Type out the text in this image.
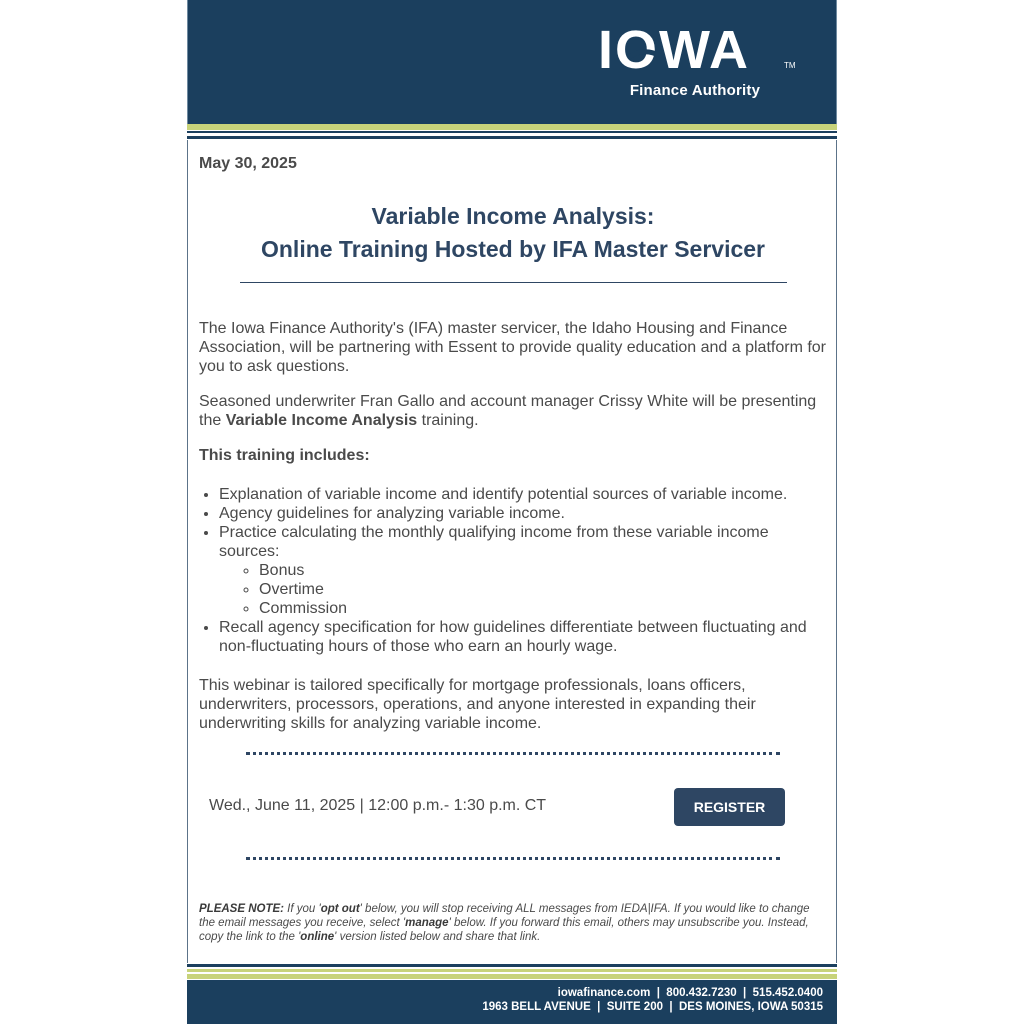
IOWA	TM
Finance Authority
May 30, 2025
Variable Income Analysis:
Online Training Hosted by IFA Master Servicer

The Iowa Finance Authority's (IFA) master servicer, the Idaho Housing and Finance Association, will be partnering with Essent to provide quality education and a platform for you to ask questions.

Seasoned underwriter Fran Gallo and account manager Crissy White will be presenting the Variable Income Analysis training.

This training includes:

• Explanation of variable income and identify potential sources of variable income.
• Agency guidelines for analyzing variable income.
• Practice calculating the monthly qualifying income from these variable income sources:
◦ Bonus
◦ Overtime
◦ Commission
• Recall agency specification for how guidelines differentiate between fluctuating and non-fluctuating hours of those who earn an hourly wage.

This webinar is tailored specifically for mortgage professionals, loans officers, underwriters, processors, operations, and anyone interested in expanding their underwriting skills for analyzing variable income.

Wed., June 11, 2025 | 12:00 p.m.- 1:30 p.m. CT	REGISTER
PLEASE NOTE: If you 'opt out' below, you will stop receiving ALL messages from IEDA|IFA. If you would like to change the email messages you receive, select 'manage' below. If you forward this email, others may unsubscribe you. Instead, copy the link to the 'online' version listed below and share that link.
iowafinance.com  |  800.432.7230  |  515.452.0400
1963 BELL AVENUE  |  SUITE 200  |  DES MOINES, IOWA 50315
